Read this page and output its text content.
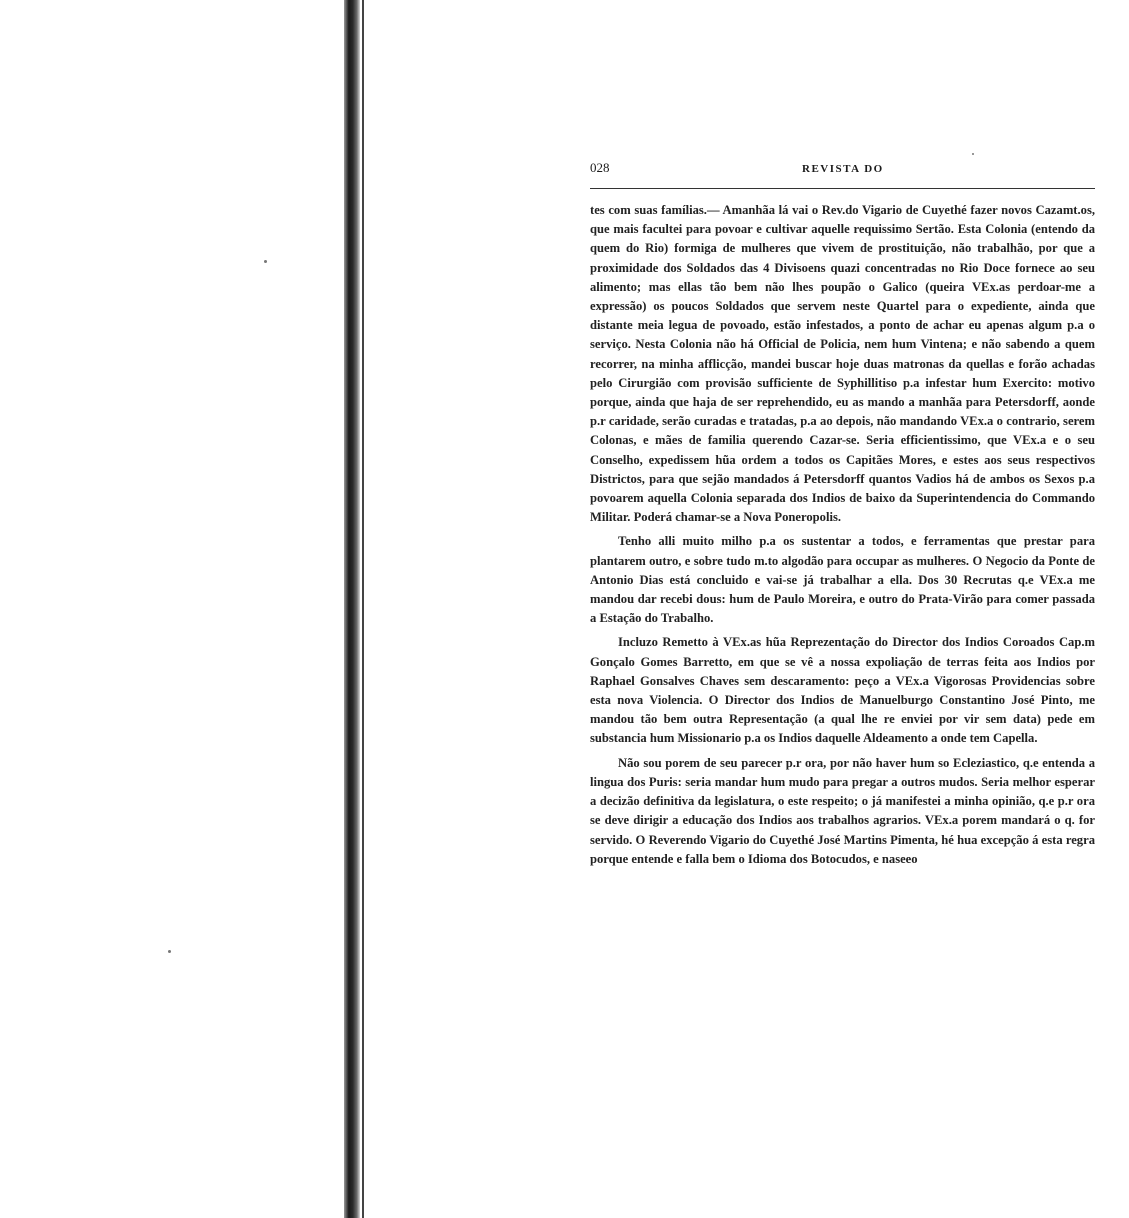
028	REVISTA DO

tes com suas famílias.— Amanhãa lá vai o Rev.do Vigario de Cuyethé fazer novos Cazamt.os, que mais facultei para povoar e cultivar aquelle requissimo Sertão. Esta Colonia (entendo da quem do Rio) formiga de mulheres que vivem de prostituição, não trabalhão, por que a proximidade dos Soldados das 4 Divisoens quazi concentradas no Rio Doce fornece ao seu alimento; mas ellas tão bem não lhes poupão o Galico (queira VEx.as perdoar-me a expressão) os poucos Soldados que servem neste Quartel para o expediente, ainda que distante meia legua de povoado, estão infestados, a ponto de achar eu apenas algum p.a o serviço. Nesta Colonia não há Official de Policia, nem hum Vintena; e não sabendo a quem recorrer, na minha afflicção, mandei buscar hoje duas matronas da quellas e forão achadas pelo Cirurgião com provisão sufficiente de Syphillitiso p.a infestar hum Exercito: motivo porque, ainda que haja de ser reprehendido, eu as mando a manhãa para Petersdorff, aonde p.r caridade, serão curadas e tratadas, p.a ao depois, não mandando VEx.a o contrario, serem Colonas, e mães de familia querendo Cazar-se. Seria efficientissimo, que VEx.a e o seu Conselho, expedissem hũa ordem a todos os Capitães Mores, e estes aos seus respectivos Districtos, para que sejão mandados á Petersdorff quantos Vadios há de ambos os Sexos p.a povoarem aquella Colonia separada dos Indios de baixo da Superintendencia do Commando Militar. Poderá chamar-se a Nova Poneropolis.

Tenho alli muito milho p.a os sustentar a todos, e ferramentas que prestar para plantarem outro, e sobre tudo m.to algodão para occupar as mulheres. O Negocio da Ponte de Antonio Dias está concluido e vai-se já trabalhar a ella. Dos 30 Recrutas q.e VEx.a me mandou dar recebi dous: hum de Paulo Moreira, e outro do Prata-Virão para comer passada a Estação do Trabalho.

Incluzo Remetto à VEx.as hũa Reprezentação do Director dos Indios Coroados Cap.m Gonçalo Gomes Barretto, em que se vê a nossa expoliação de terras feita aos Indios por Raphael Gonsalves Chaves sem descaramento: peço a VEx.a Vigorosas Providencias sobre esta nova Violencia. O Director dos Indios de Manuelburgo Constantino José Pinto, me mandou tão bem outra Representação (a qual lhe re enviei por vir sem data) pede em substancia hum Missionario p.a os Indios daquelle Aldeamento a onde tem Capella.

Não sou porem de seu parecer p.r ora, por não haver hum so Ecleziastico, q.e entenda a lingua dos Puris: seria mandar hum mudo para pregar a outros mudos. Seria melhor esperar a decizão definitiva da legislatura, o este respeito; o já manifestei a minha opinião, q.e p.r ora se deve dirigir a educação dos Indios aos trabalhos agrarios. VEx.a porem mandará o q. for servido. O Reverendo Vigario do Cuyethé José Martins Pimenta, hé hua excepção á esta regra porque entende e falla bem o Idioma dos Botocudos, e naseeo
